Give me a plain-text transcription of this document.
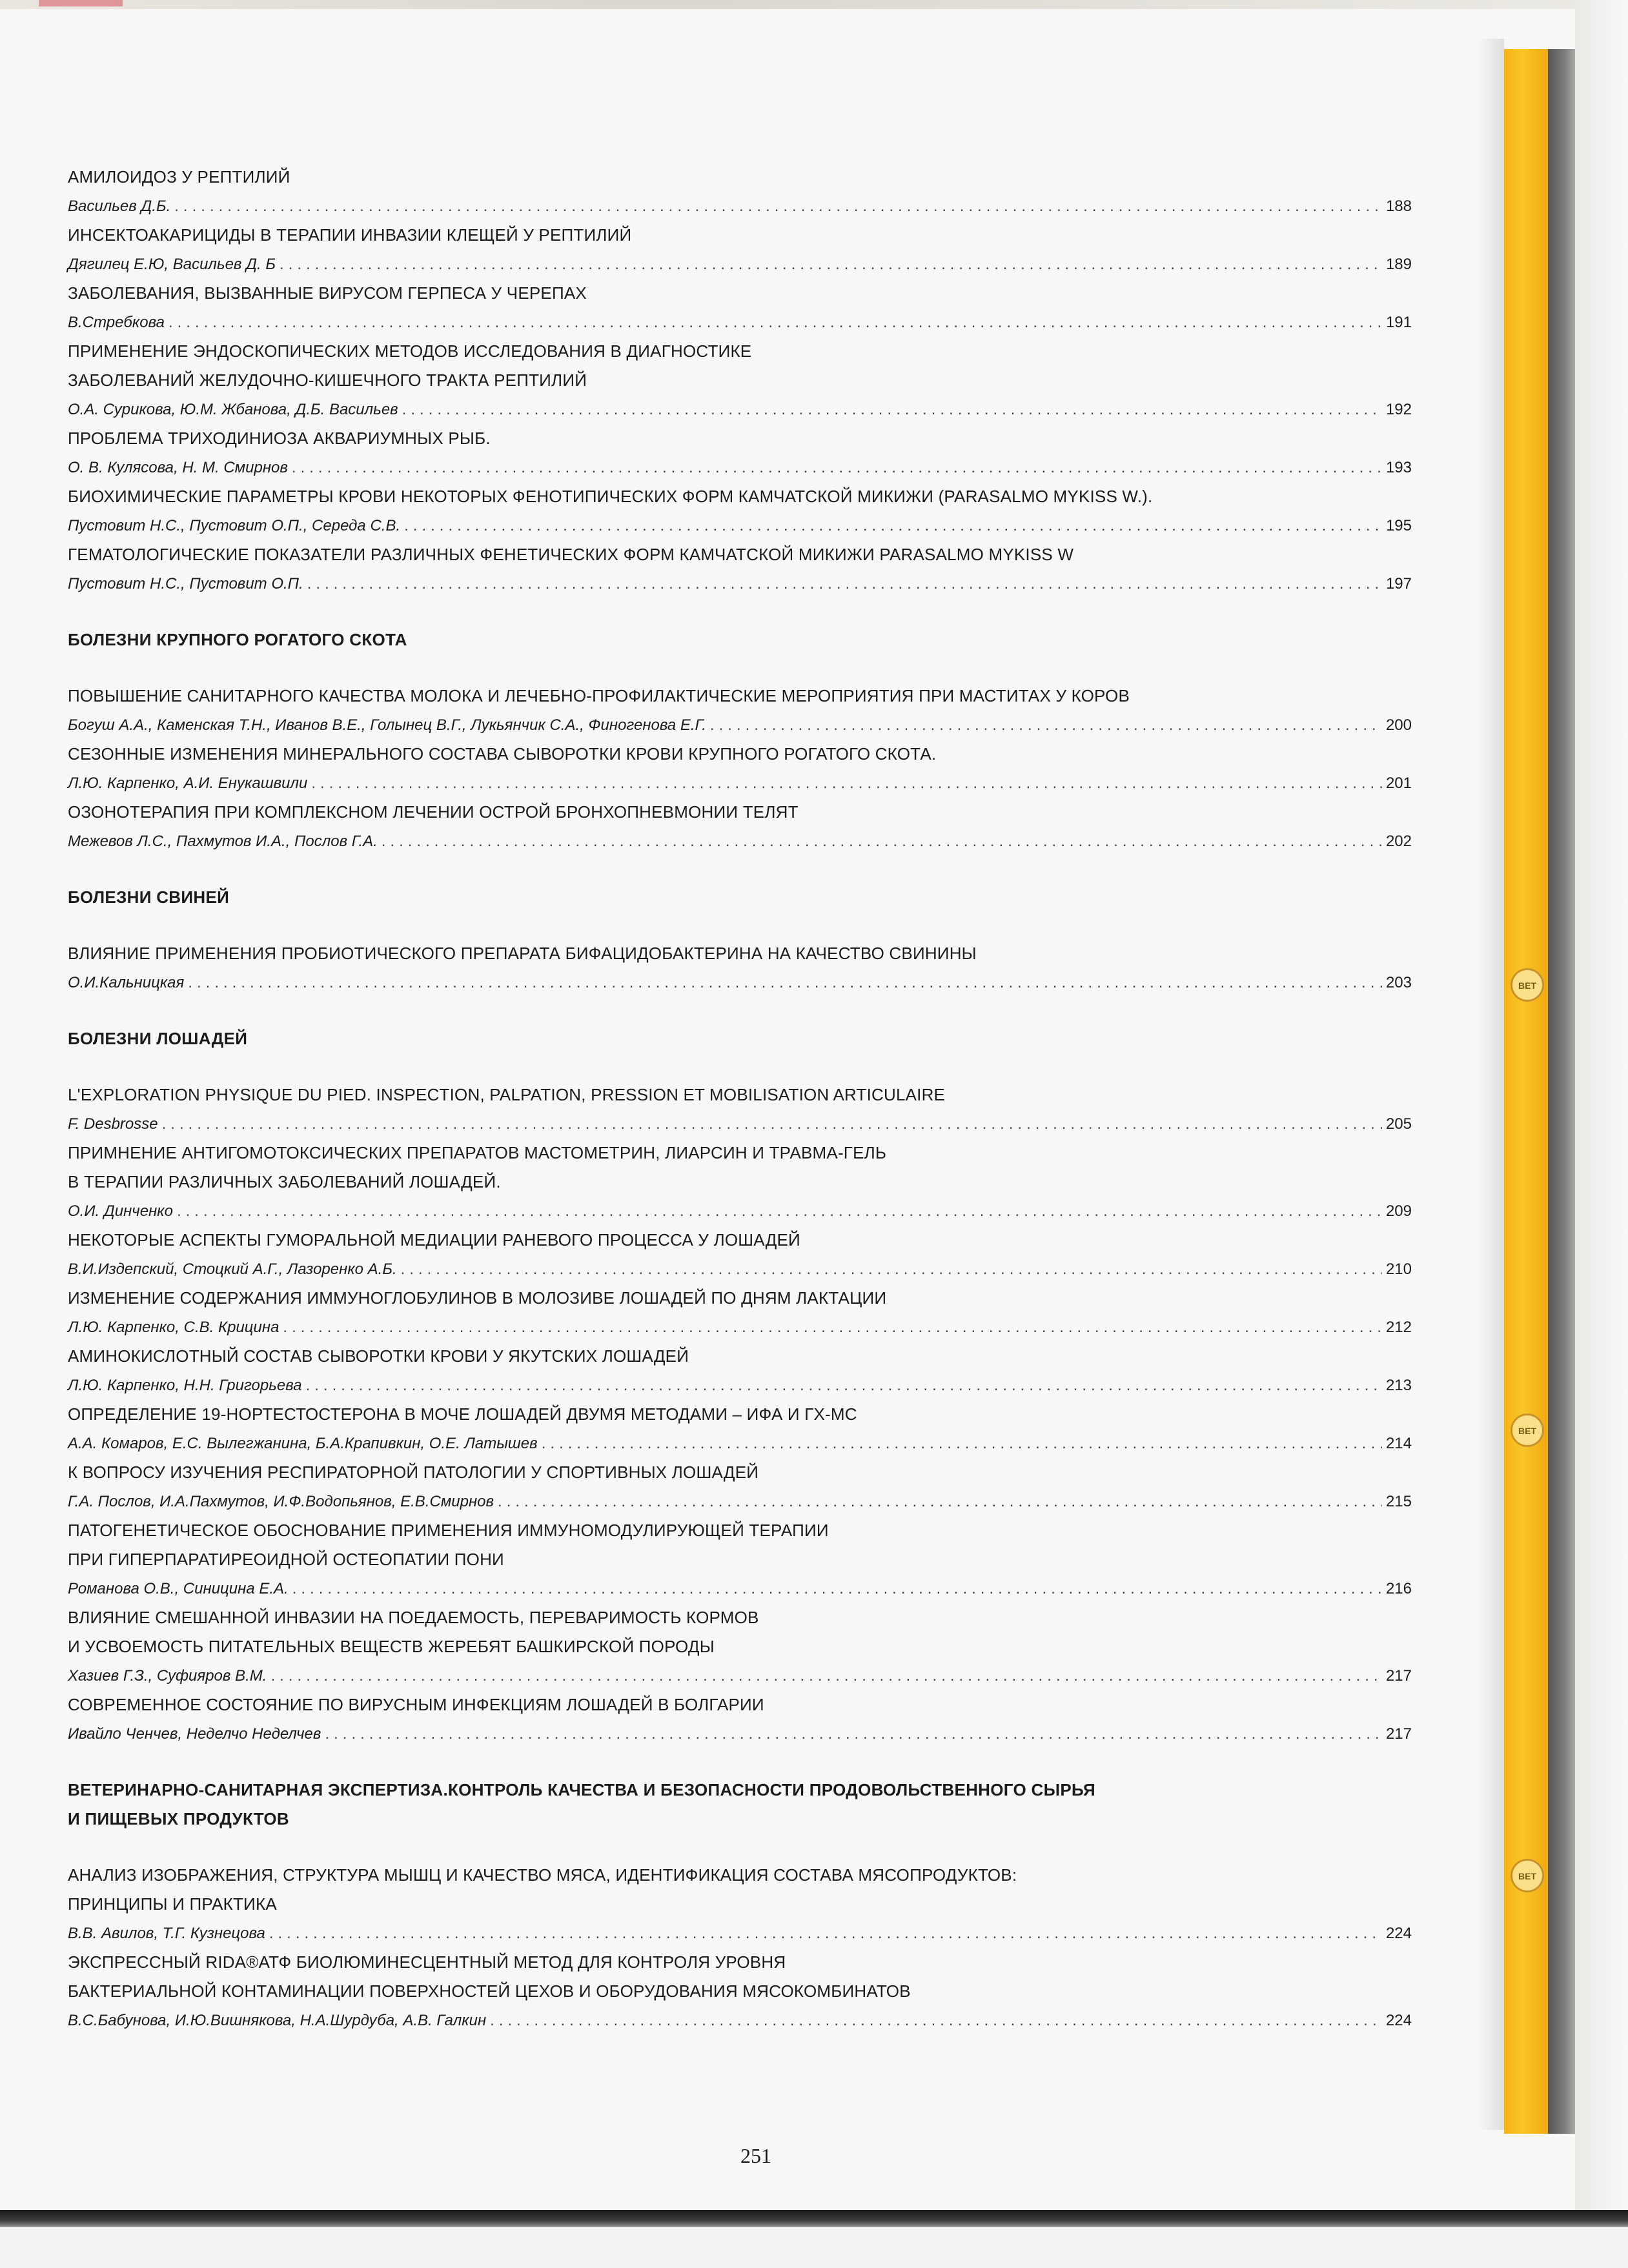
ВЕТ
ВЕТ
ВЕТ
АМИЛОИДОЗ У РЕПТИЛИЙ
Васильев Д.Б. .....	188
ИНСЕКТОАКАРИЦИДЫ В ТЕРАПИИ ИНВАЗИИ КЛЕЩЕЙ У РЕПТИЛИЙ
Дягилец Е.Ю, Васильев Д. Б .....	189
ЗАБОЛЕВАНИЯ, ВЫЗВАННЫЕ ВИРУСОМ ГЕРПЕСА У ЧЕРЕПАХ
В.Стребкова .....	191
ПРИМЕНЕНИЕ ЭНДОСКОПИЧЕСКИХ МЕТОДОВ ИССЛЕДОВАНИЯ В ДИАГНОСТИКЕ
ЗАБОЛЕВАНИЙ ЖЕЛУДОЧНО-КИШЕЧНОГО ТРАКТА РЕПТИЛИЙ
О.А. Сурикова, Ю.М. Жбанова, Д.Б. Васильев .....	192
ПРОБЛЕМА ТРИХОДИНИОЗА АКВАРИУМНЫХ РЫБ.
О. В. Кулясова, Н. М. Смирнов .....	193
БИОХИМИЧЕСКИЕ ПАРАМЕТРЫ КРОВИ НЕКОТОРЫХ ФЕНОТИПИЧЕСКИХ ФОРМ КАМЧАТСКОЙ МИКИЖИ (PARASALMO MYKISS W.).
Пустовит Н.С., Пустовит О.П., Середа С.В. .....	195
ГЕМАТОЛОГИЧЕСКИЕ ПОКАЗАТЕЛИ РАЗЛИЧНЫХ ФЕНЕТИЧЕСКИХ ФОРМ КАМЧАТСКОЙ МИКИЖИ PARASALMO MYKISS W
Пустовит Н.С., Пустовит О.П. .....	197
БОЛЕЗНИ КРУПНОГО РОГАТОГО СКОТА
ПОВЫШЕНИЕ САНИТАРНОГО КАЧЕСТВА МОЛОКА И ЛЕЧЕБНО-ПРОФИЛАКТИЧЕСКИЕ МЕРОПРИЯТИЯ ПРИ МАСТИТАХ У КОРОВ
Богуш А.А., Каменская Т.Н., Иванов В.Е., Голынец В.Г., Лукьянчик С.А., Финогенова Е.Г. .....	200
СЕЗОННЫЕ ИЗМЕНЕНИЯ МИНЕРАЛЬНОГО СОСТАВА СЫВОРОТКИ КРОВИ КРУПНОГО РОГАТОГО СКОТА.
Л.Ю. Карпенко, А.И. Енукашвили .....	201
ОЗОНОТЕРАПИЯ ПРИ КОМПЛЕКСНОМ ЛЕЧЕНИИ ОСТРОЙ БРОНХОПНЕВМОНИИ ТЕЛЯТ
Межевов Л.С., Пахмутов И.А., Послов Г.А. .....	202
БОЛЕЗНИ СВИНЕЙ
ВЛИЯНИЕ ПРИМЕНЕНИЯ ПРОБИОТИЧЕСКОГО ПРЕПАРАТА БИФАЦИДОБАКТЕРИНА НА КАЧЕСТВО СВИНИНЫ
О.И.Кальницкая .....	203
БОЛЕЗНИ ЛОШАДЕЙ
L'EXPLORATION PHYSIQUE DU PIED. INSPECTION, PALPATION, PRESSION ET MOBILISATION ARTICULAIRE
F. Desbrosse .....	205
ПРИМНЕНИЕ АНТИГОМОТОКСИЧЕСКИХ ПРЕПАРАТОВ МАСТОМЕТРИН, ЛИАРСИН И ТРАВМА-ГЕЛЬ
В ТЕРАПИИ РАЗЛИЧНЫХ ЗАБОЛЕВАНИЙ ЛОШАДЕЙ.
О.И. Динченко .....	209
НЕКОТОРЫЕ АСПЕКТЫ ГУМОРАЛЬНОЙ МЕДИАЦИИ РАНЕВОГО ПРОЦЕССА У ЛОШАДЕЙ
В.И.Издепский, Стоцкий А.Г., Лазоренко А.Б. .....	210
ИЗМЕНЕНИЕ СОДЕРЖАНИЯ ИММУНОГЛОБУЛИНОВ В МОЛОЗИВЕ ЛОШАДЕЙ ПО ДНЯМ ЛАКТАЦИИ
Л.Ю. Карпенко, С.В. Крицина .....	212
АМИНОКИСЛОТНЫЙ СОСТАВ СЫВОРОТКИ КРОВИ У ЯКУТСКИХ ЛОШАДЕЙ
Л.Ю. Карпенко, Н.Н. Григорьева .....	213
ОПРЕДЕЛЕНИЕ 19-НОРТЕСТОСТЕРОНА В МОЧЕ ЛОШАДЕЙ ДВУМЯ МЕТОДАМИ – ИФА И ГХ-МС
А.А. Комаров, Е.С. Вылегжанина, Б.А.Крапивкин, О.Е. Латышев .....	214
К ВОПРОСУ ИЗУЧЕНИЯ РЕСПИРАТОРНОЙ ПАТОЛОГИИ У СПОРТИВНЫХ ЛОШАДЕЙ
Г.А. Послов, И.А.Пахмутов, И.Ф.Водопьянов, Е.В.Смирнов .....	215
ПАТОГЕНЕТИЧЕСКОЕ ОБОСНОВАНИЕ ПРИМЕНЕНИЯ ИММУНОМОДУЛИРУЮЩЕЙ ТЕРАПИИ
ПРИ ГИПЕРПАРАТИРЕОИДНОЙ ОСТЕОПАТИИ ПОНИ
Романова О.В., Синицина Е.А. .....	216
ВЛИЯНИЕ СМЕШАННОЙ ИНВАЗИИ НА ПОЕДАЕМОСТЬ, ПЕРЕВАРИМОСТЬ КОРМОВ
И УСВОЕМОСТЬ ПИТАТЕЛЬНЫХ ВЕЩЕСТВ ЖЕРЕБЯТ БАШКИРСКОЙ ПОРОДЫ
Хазиев Г.З., Суфияров В.М. .....	217
СОВРЕМЕННОЕ СОСТОЯНИЕ ПО ВИРУСНЫМ ИНФЕКЦИЯМ ЛОШАДЕЙ В БОЛГАРИИ
Ивайло Ченчев, Неделчо Неделчев .....	217
ВЕТЕРИНАРНО-САНИТАРНАЯ ЭКСПЕРТИЗА.КОНТРОЛЬ КАЧЕСТВА И БЕЗОПАСНОСТИ ПРОДОВОЛЬСТВЕННОГО СЫРЬЯ
И ПИЩЕВЫХ ПРОДУКТОВ
АНАЛИЗ ИЗОБРАЖЕНИЯ, СТРУКТУРА МЫШЦ И КАЧЕСТВО МЯСА, ИДЕНТИФИКАЦИЯ СОСТАВА МЯСОПРОДУКТОВ:
ПРИНЦИПЫ И ПРАКТИКА
В.В. Авилов, Т.Г. Кузнецова .....	224
ЭКСПРЕССНЫЙ RIDA®АТФ БИОЛЮМИНЕСЦЕНТНЫЙ МЕТОД ДЛЯ КОНТРОЛЯ УРОВНЯ
БАКТЕРИАЛЬНОЙ КОНТАМИНАЦИИ ПОВЕРХНОСТЕЙ ЦЕХОВ И ОБОРУДОВАНИЯ МЯСОКОМБИНАТОВ
В.С.Бабунова, И.Ю.Вишнякова, Н.А.Шурдуба, А.В. Галкин .....	224
251
